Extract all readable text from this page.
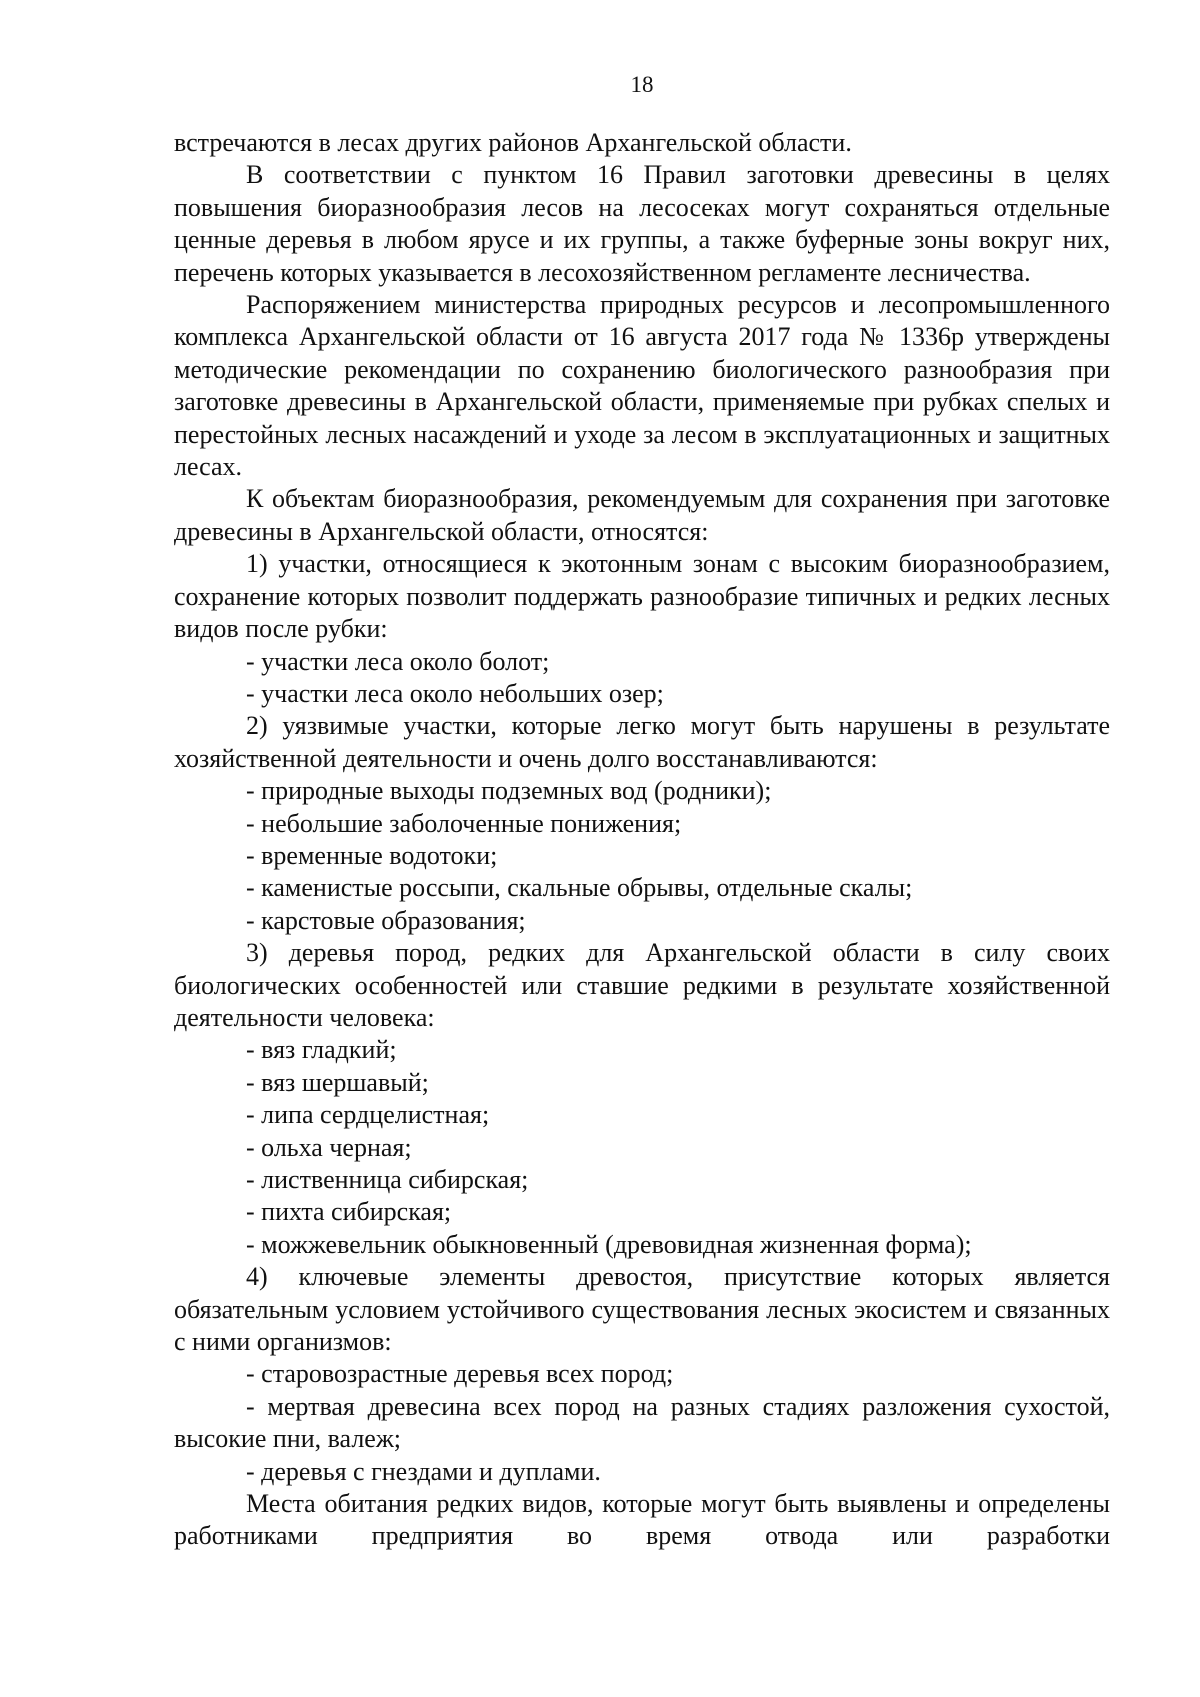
18

встречаются в лесах других районов Архангельской области.

В соответствии с пунктом 16 Правил заготовки древесины в целях повышения биоразнообразия лесов на лесосеках могут сохраняться отдельные ценные деревья в любом ярусе и их группы, а также буферные зоны вокруг них, перечень которых указывается в лесохозяйственном регламенте лесничества.

Распоряжением министерства природных ресурсов и лесопромышленного комплекса Архангельской области от 16 августа 2017 года № 1336р утверждены методические рекомендации по сохранению биологического разнообразия при заготовке древесины в Архангельской области, применяемые при рубках спелых и перестойных лесных насаждений и уходе за лесом в эксплуатационных и защитных лесах.

К объектам биоразнообразия, рекомендуемым для сохранения при заготовке древесины в Архангельской области, относятся:

1) участки, относящиеся к экотонным зонам с высоким биоразнообразием, сохранение которых позволит поддержать разнообразие типичных и редких лесных видов после рубки:

- участки леса около болот;

- участки леса около небольших озер;

2) уязвимые участки, которые легко могут быть нарушены в результате хозяйственной деятельности и очень долго восстанавливаются:

- природные выходы подземных вод (родники);

- небольшие заболоченные понижения;

- временные водотоки;

- каменистые россыпи, скальные обрывы, отдельные скалы;

- карстовые образования;

3) деревья пород, редких для Архангельской области в силу своих биологических особенностей или ставшие редкими в результате хозяйственной деятельности человека:

- вяз гладкий;

- вяз шершавый;

- липа сердцелистная;

- ольха черная;

- лиственница сибирская;

- пихта сибирская;

- можжевельник обыкновенный (древовидная жизненная форма);

4) ключевые элементы древостоя, присутствие которых является обязательным условием устойчивого существования лесных экосистем и связанных с ними организмов:

- старовозрастные деревья всех пород;

- мертвая древесина всех пород на разных стадиях разложения сухостой, высокие пни, валеж;

- деревья с гнездами и дуплами.

Места обитания редких видов, которые могут быть выявлены и определены работниками предприятия во время отвода или разработки
